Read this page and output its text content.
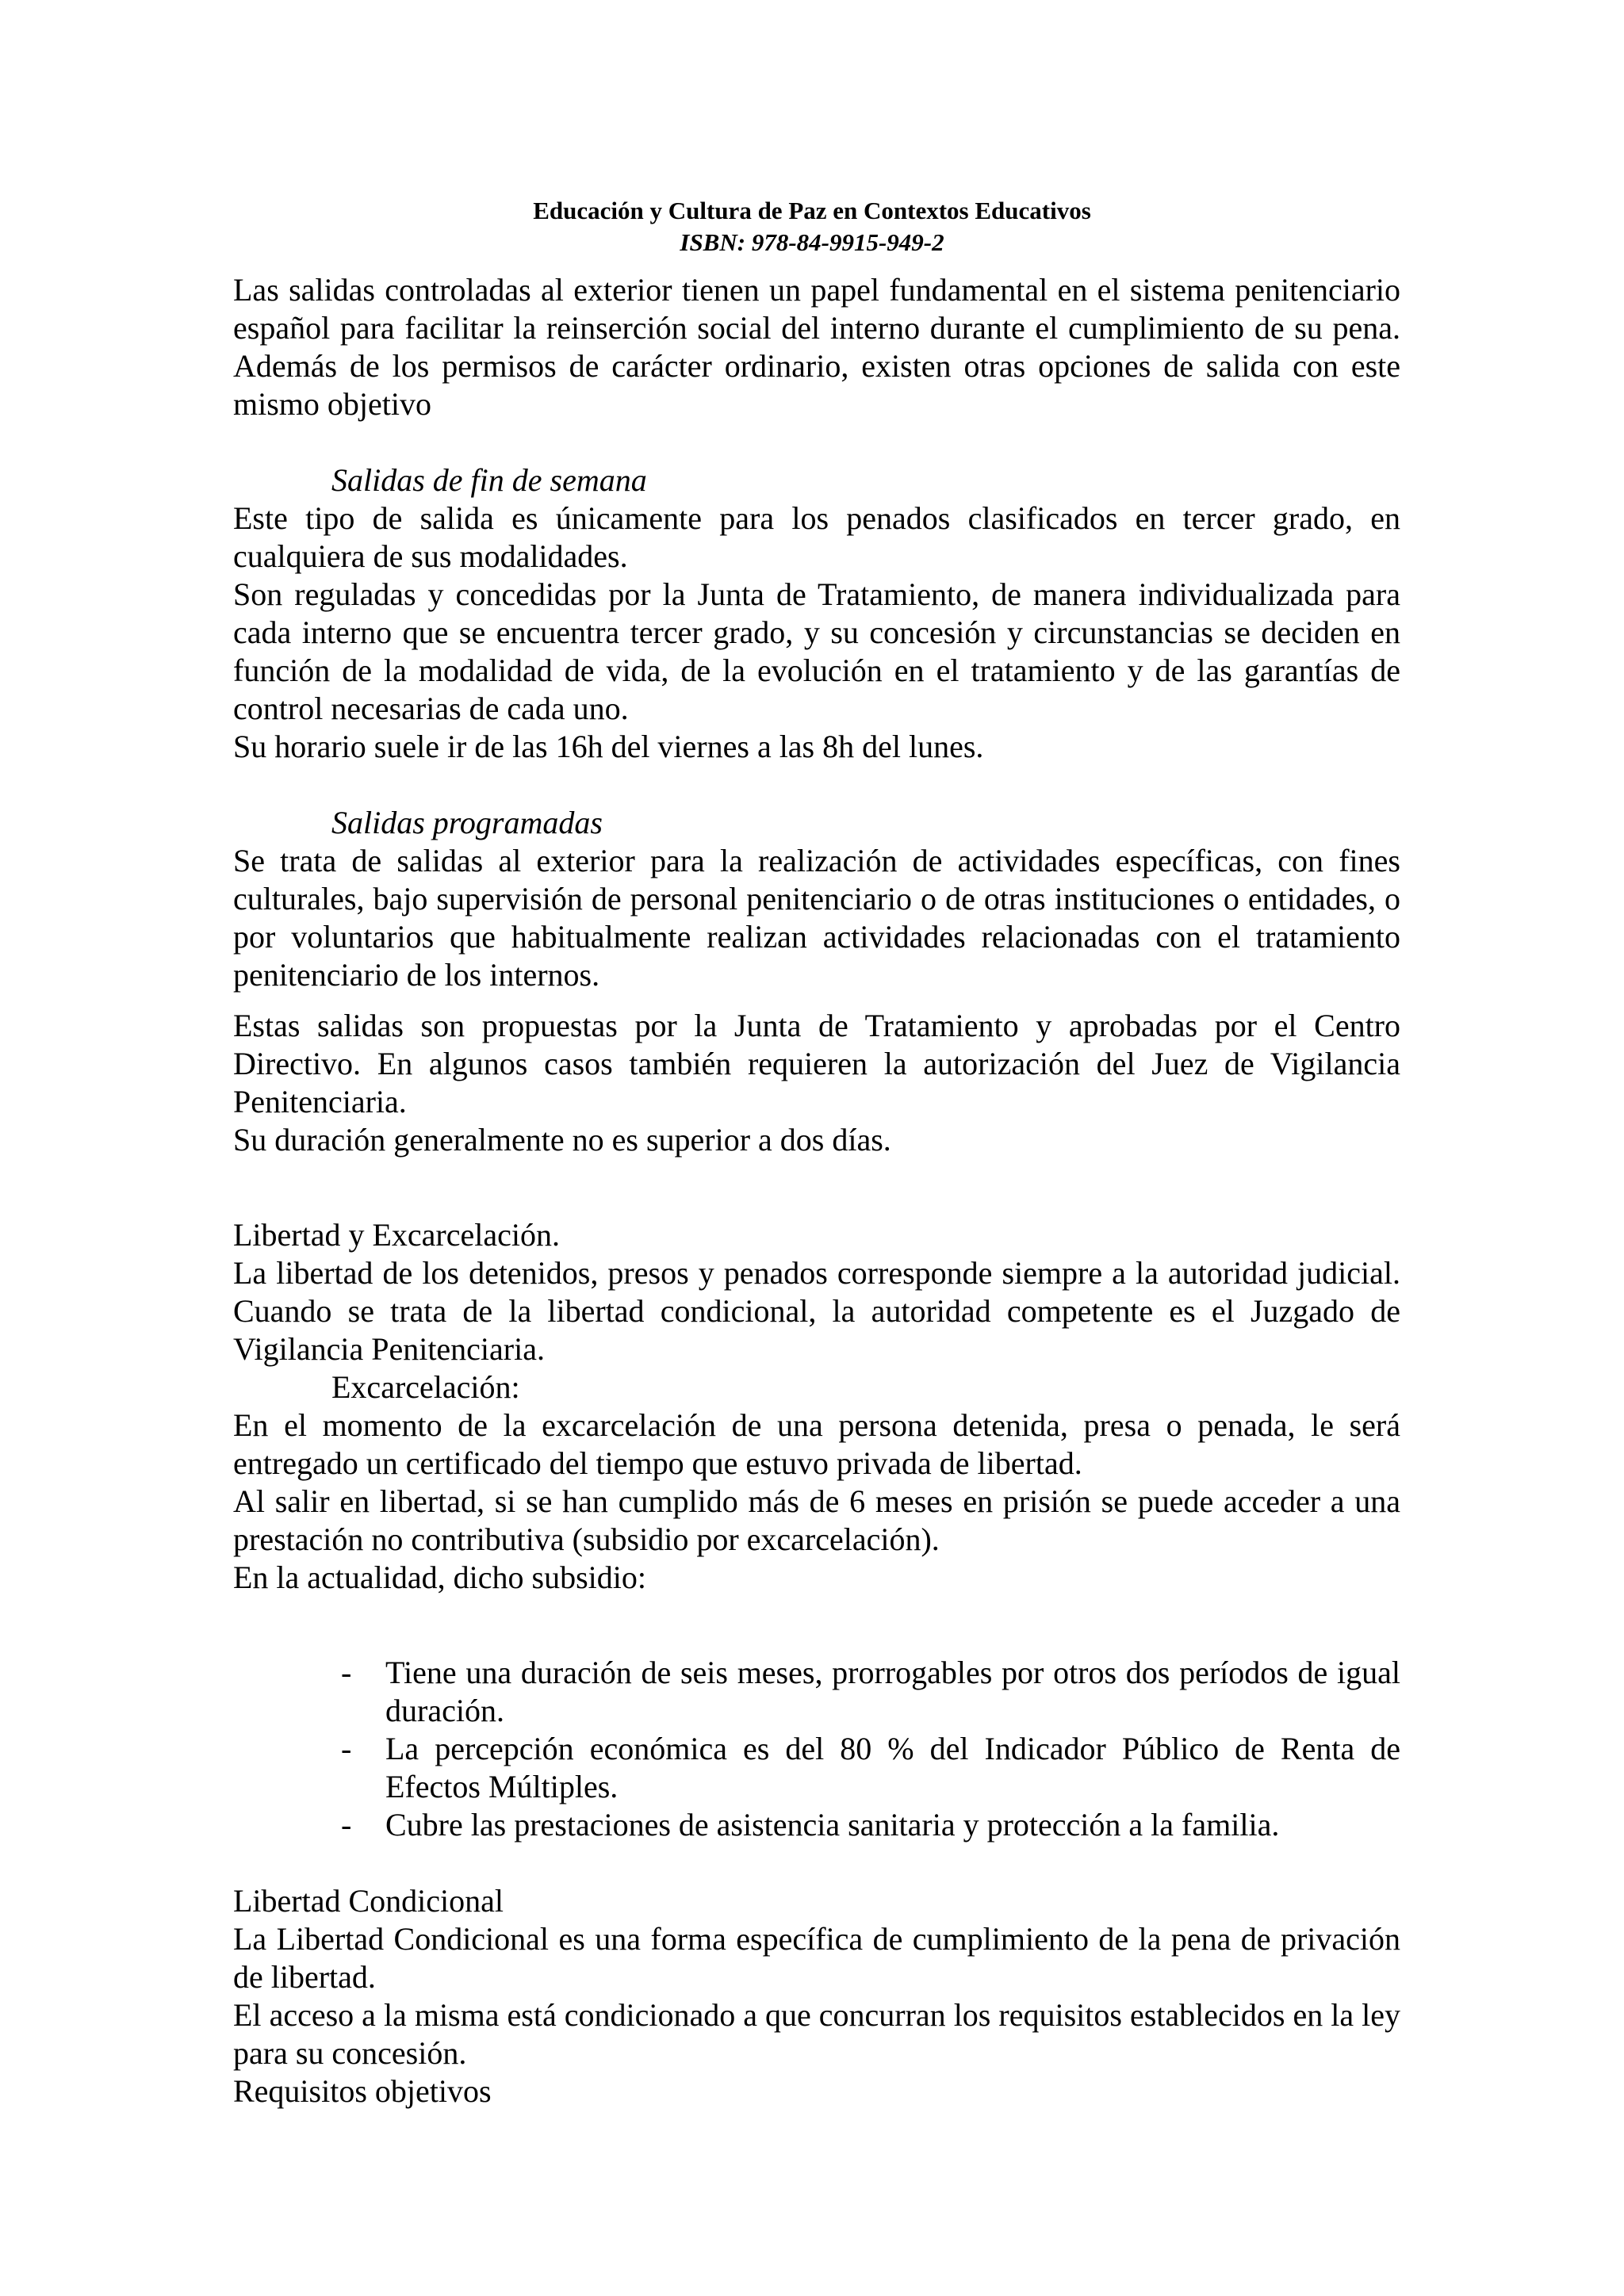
Educación y Cultura de Paz en Contextos Educativos
ISBN: 978-84-9915-949-2

Las salidas controladas al exterior tienen un papel fundamental en el sistema penitenciario español para facilitar la reinserción social del interno durante el cumplimiento de su pena. Además de los permisos de carácter ordinario, existen otras opciones de salida con este mismo objetivo

Salidas de fin de semana

Este tipo de salida es únicamente para los penados clasificados en tercer grado, en cualquiera de sus modalidades.

Son reguladas y concedidas por la Junta de Tratamiento, de manera individualizada para cada interno que se encuentra tercer grado, y su concesión y circunstancias se deciden en función de la modalidad de vida, de la evolución en el tratamiento y de las garantías de control necesarias de cada uno.

Su horario suele ir de las 16h del viernes a las 8h del lunes.

Salidas programadas

Se trata de salidas al exterior para la realización de actividades específicas, con fines culturales, bajo supervisión de personal penitenciario o de otras instituciones o entidades, o por voluntarios que habitualmente realizan actividades relacionadas con el tratamiento penitenciario de los internos.

Estas salidas son propuestas por la Junta de Tratamiento y aprobadas por el Centro Directivo. En algunos casos también requieren la autorización del Juez de Vigilancia Penitenciaria.

Su duración generalmente no es superior a dos días.

Libertad y Excarcelación.

La libertad de los detenidos, presos y penados corresponde siempre a la autoridad judicial. Cuando se trata de la libertad condicional, la autoridad competente es el Juzgado de Vigilancia Penitenciaria.

Excarcelación:

En el momento de la excarcelación de una persona detenida, presa o penada, le será entregado un certificado del tiempo que estuvo privada de libertad.

Al salir en libertad, si se han cumplido más de 6 meses en prisión se puede acceder a una prestación no contributiva (subsidio por excarcelación).

En la actualidad, dicho subsidio:

- Tiene una duración de seis meses, prorrogables por otros dos períodos de igual duración.
- La percepción económica es del 80 % del Indicador Público de Renta de Efectos Múltiples.
- Cubre las prestaciones de asistencia sanitaria y protección a la familia.

Libertad Condicional

La Libertad Condicional es una forma específica de cumplimiento de la pena de privación de libertad.

El acceso a la misma está condicionado a que concurran los requisitos establecidos en la ley para su concesión.

Requisitos objetivos
